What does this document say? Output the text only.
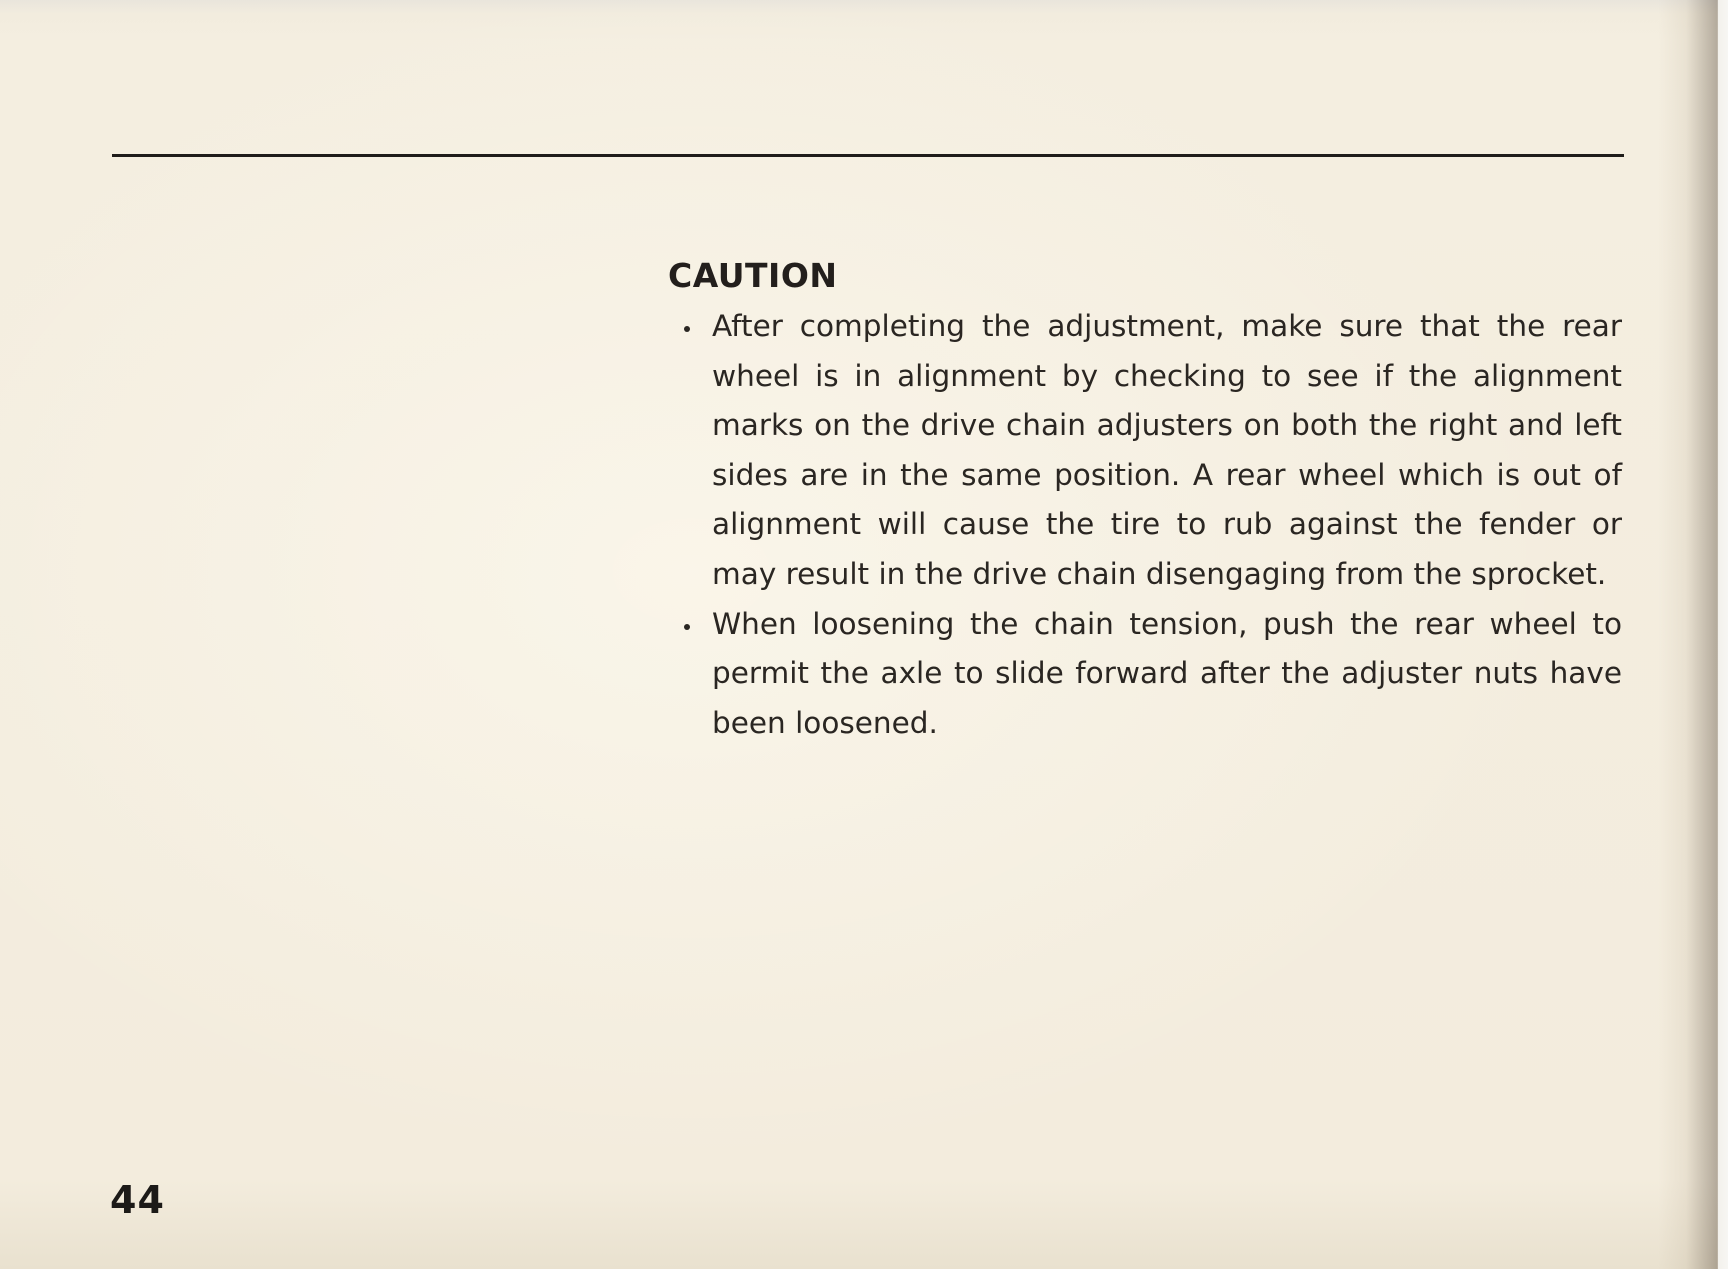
CAUTION
After completing the adjustment, make sure that the rear wheel is in alignment by checking to see if the alignment marks on the drive chain adjusters on both the right and left sides are in the same position. A rear wheel which is out of alignment will cause the tire to rub against the fender or may result in the drive chain disengaging from the sprocket.
When loosening the chain tension, push the rear wheel to permit the axle to slide forward after the adjuster nuts have been loosened.
44
